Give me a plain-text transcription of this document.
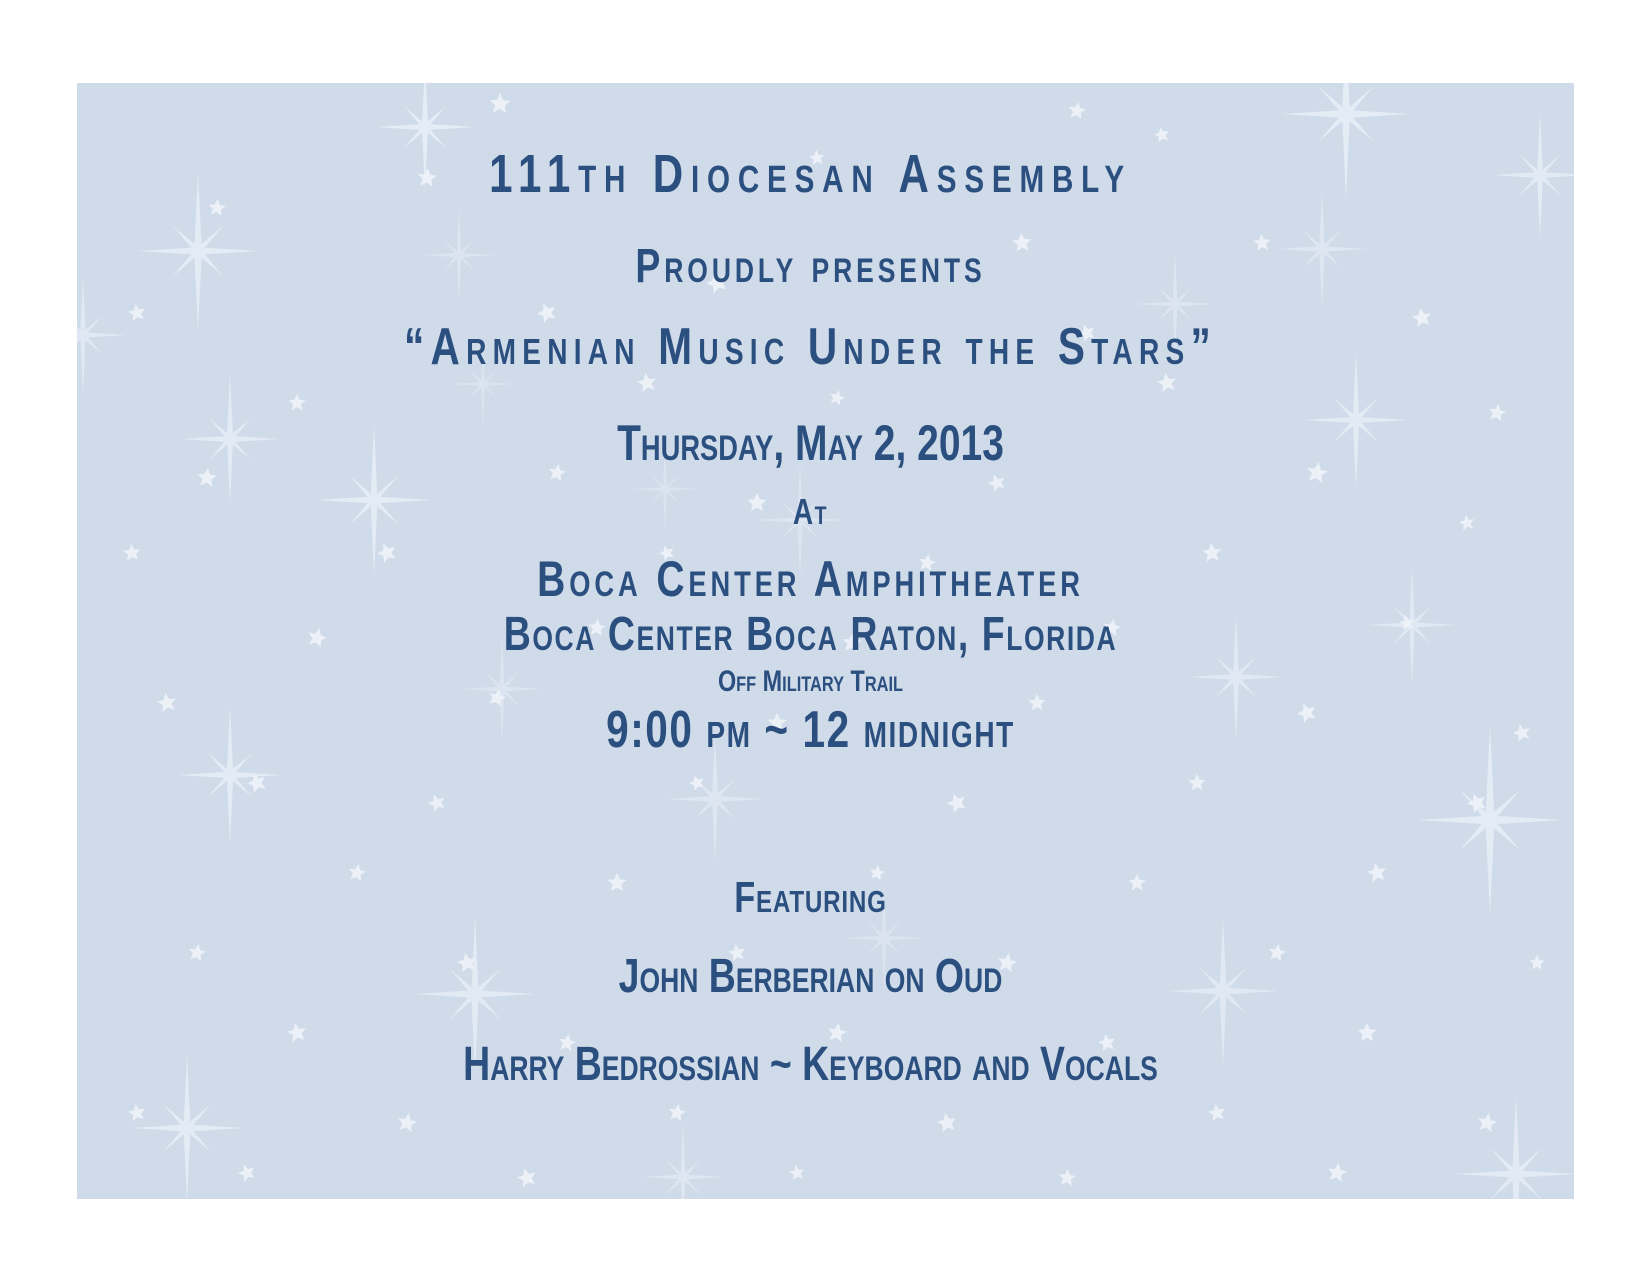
111th Diocesan Assembly
Proudly presents
“Armenian Music Under the Stars”
Thursday, May 2, 2013
At
Boca Center Amphitheater
Boca Center Boca Raton, Florida
Off Military Trail
9:00 pm ~ 12 midnight
Featuring
John Berberian on Oud
Harry Bedrossian ~ Keyboard and Vocals
